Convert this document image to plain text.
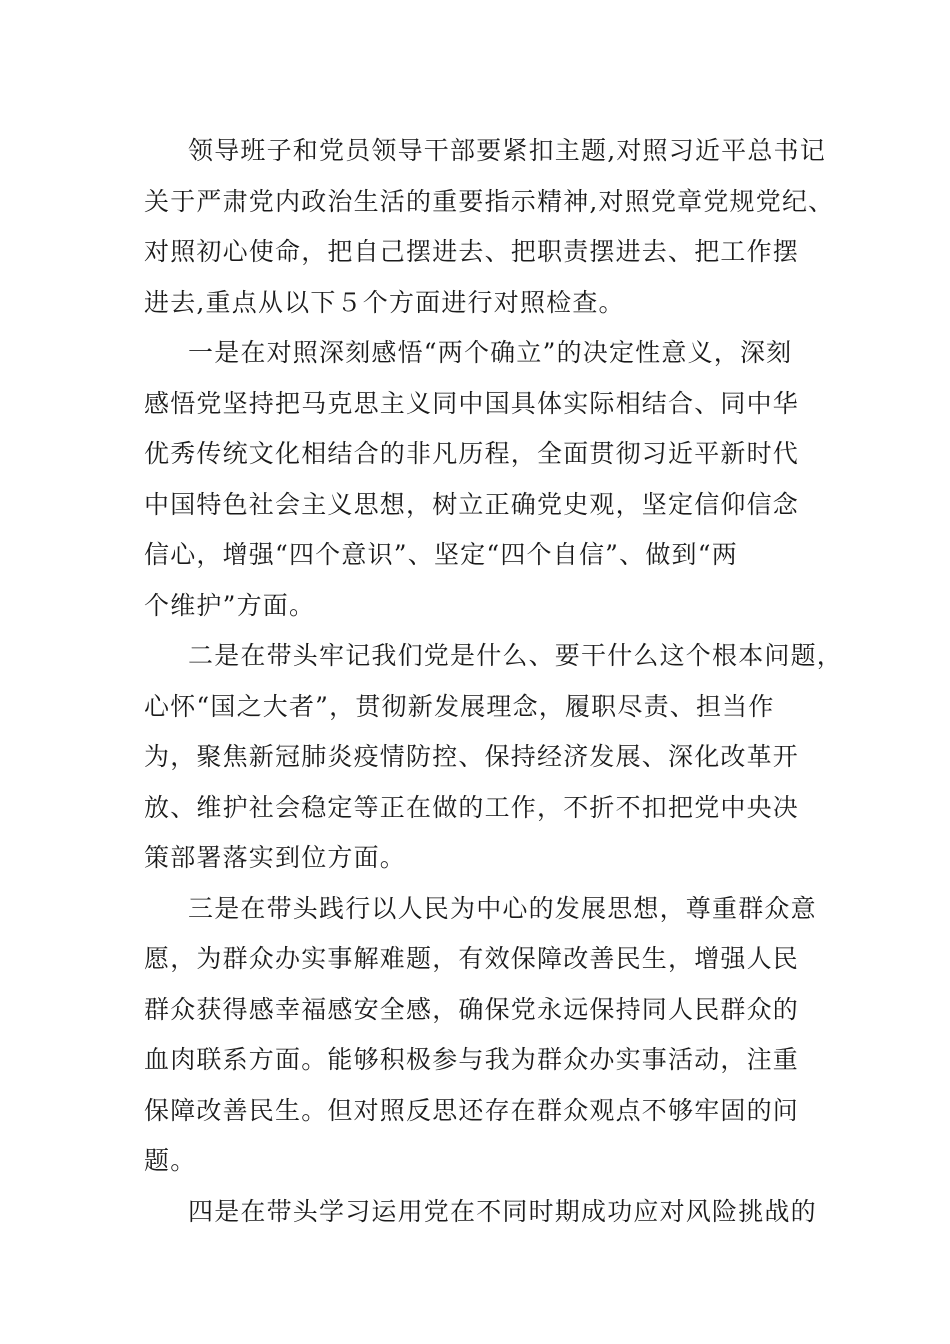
领导班子和党员领导干部要紧扣主题,对照习近平总书记
关于严肃党内政治生活的重要指示精神,对照党章党规党纪、
对照初心使命，把自己摆进去、把职责摆进去、把工作摆
进去,重点从以下５个方面进行对照检查。
一是在对照深刻感悟“两个确立”的决定性意义，深刻
感悟党坚持把马克思主义同中国具体实际相结合、同中华
优秀传统文化相结合的非凡历程，全面贯彻习近平新时代
中国特色社会主义思想，树立正确党史观，坚定信仰信念
信心，增强“四个意识”、坚定“四个自信”、做到“两
个维护”方面。
二是在带头牢记我们党是什么、要干什么这个根本问题，
心怀“国之大者”，贯彻新发展理念，履职尽责、担当作
为，聚焦新冠肺炎疫情防控、保持经济发展、深化改革开
放、维护社会稳定等正在做的工作，不折不扣把党中央决
策部署落实到位方面。
三是在带头践行以人民为中心的发展思想，尊重群众意
愿，为群众办实事解难题，有效保障改善民生，增强人民
群众获得感幸福感安全感，确保党永远保持同人民群众的
血肉联系方面。能够积极参与我为群众办实事活动，注重
保障改善民生。但对照反思还存在群众观点不够牢固的问
题。
四是在带头学习运用党在不同时期成功应对风险挑战的
